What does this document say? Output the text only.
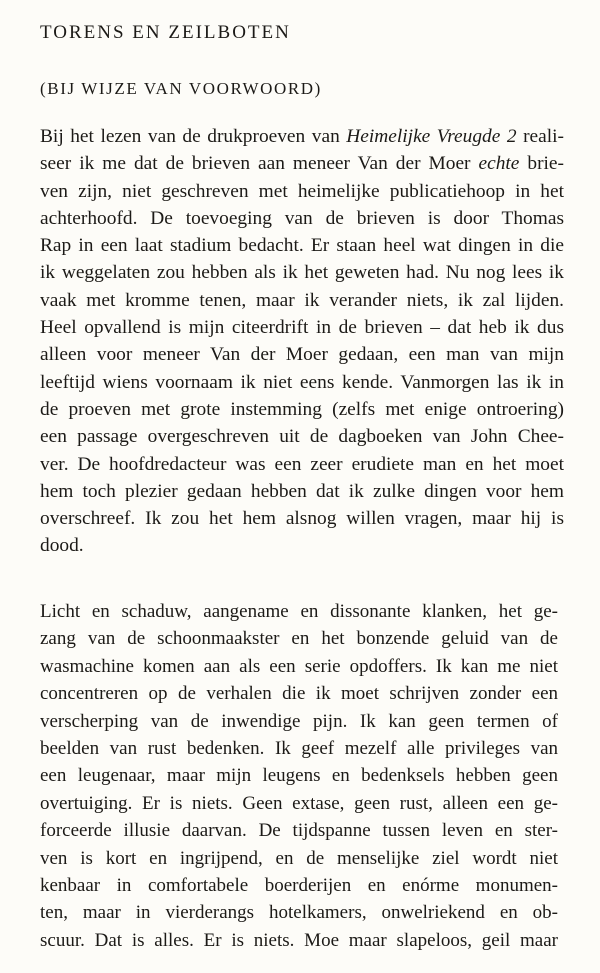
TORENS EN ZEILBOTEN
(BIJ WIJZE VAN VOORWOORD)
Bij het lezen van de drukproeven van Heimelijke Vreugde 2 reali-
seer ik me dat de brieven aan meneer Van der Moer echte brie-
ven zijn, niet geschreven met heimelijke publicatiehoop in het
achterhoofd. De toevoeging van de brieven is door Thomas
Rap in een laat stadium bedacht. Er staan heel wat dingen in die
ik weggelaten zou hebben als ik het geweten had. Nu nog lees ik
vaak met kromme tenen, maar ik verander niets, ik zal lijden.
Heel opvallend is mijn citeerdrift in de brieven – dat heb ik dus
alleen voor meneer Van der Moer gedaan, een man van mijn
leeftijd wiens voornaam ik niet eens kende. Vanmorgen las ik in
de proeven met grote instemming (zelfs met enige ontroering)
een passage overgeschreven uit de dagboeken van John Chee-
ver. De hoofdredacteur was een zeer erudiete man en het moet
hem toch plezier gedaan hebben dat ik zulke dingen voor hem
overschreef. Ik zou het hem alsnog willen vragen, maar hij is
dood.
Licht en schaduw, aangename en dissonante klanken, het ge-
zang van de schoonmaakster en het bonzende geluid van de
wasmachine komen aan als een serie opdoffers. Ik kan me niet
concentreren op de verhalen die ik moet schrijven zonder een
verscherping van de inwendige pijn. Ik kan geen termen of
beelden van rust bedenken. Ik geef mezelf alle privileges van
een leugenaar, maar mijn leugens en bedenksels hebben geen
overtuiging. Er is niets. Geen extase, geen rust, alleen een ge-
forceerde illusie daarvan. De tijdspanne tussen leven en ster-
ven is kort en ingrijpend, en de menselijke ziel wordt niet
kenbaar in comfortabele boerderijen en enórme monumen-
ten, maar in vierderangs hotelkamers, onwelriekend en ob-
scuur. Dat is alles. Er is niets. Moe maar slapeloos, geil maar
